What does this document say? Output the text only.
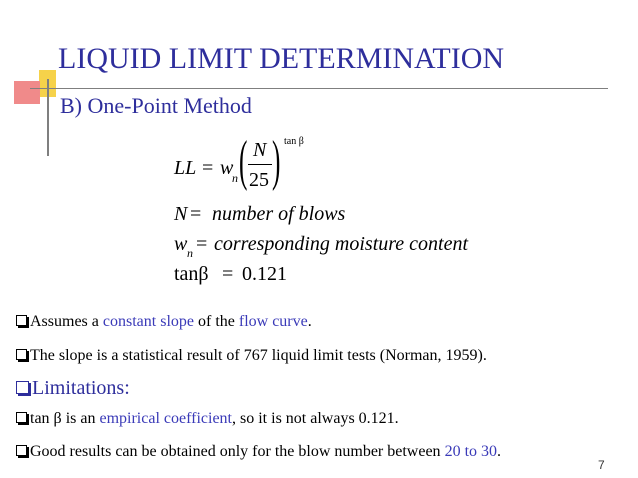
LIQUID LIMIT DETERMINATION
B) One-Point Method
LL = w
n ( N
25 ) tan β
N = number of blows
w n = corresponding moisture content
tanβ = 0.121
Assumes a constant slope of the flow curve.
The slope is a statistical result of 767 liquid limit tests (Norman, 1959).
Limitations:
tan β is an empirical coefficient, so it is not always 0.121.
Good results can be obtained only for the blow number between 20 to 30.
7
